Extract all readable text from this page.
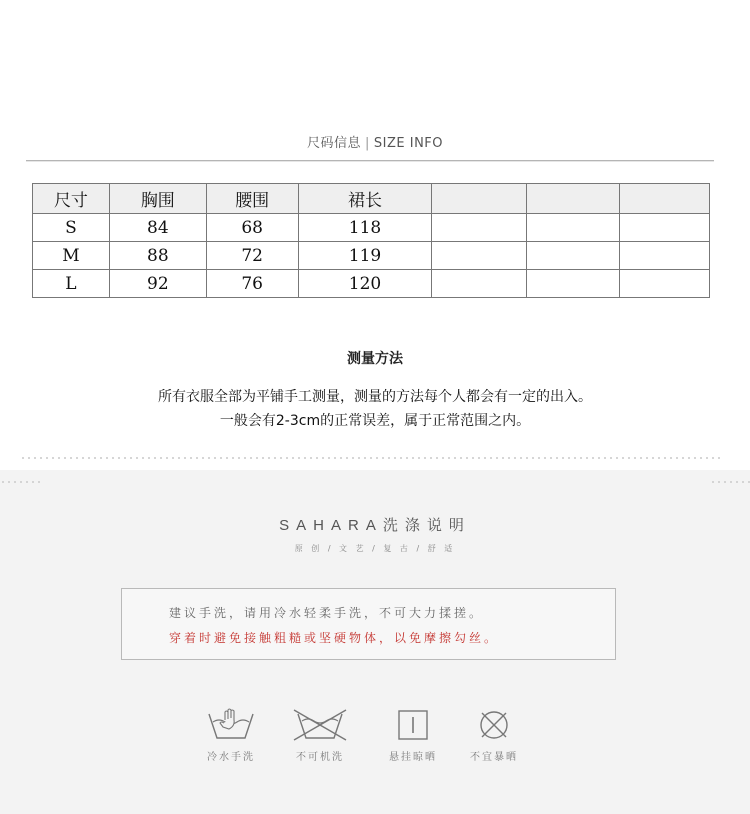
尺码信息 | SIZE INFO
尺寸	胸围	腰围	裙长			
S	84	68	118			
M	88	72	119			
L	92	76	120			
测量方法
所有衣服全部为平铺手工测量，测量的方法每个人都会有一定的出入。
一般会有2-3cm的正常误差，属于正常范围之内。
SAHARA洗涤说明
原 创 / 文 艺 / 复 古 / 舒 适
建议手洗，请用冷水轻柔手洗，不可大力揉搓。
穿着时避免接触粗糙或坚硬物体，以免摩擦勾丝。
冷水手洗	不可机洗	悬挂晾晒	不宜暴晒
